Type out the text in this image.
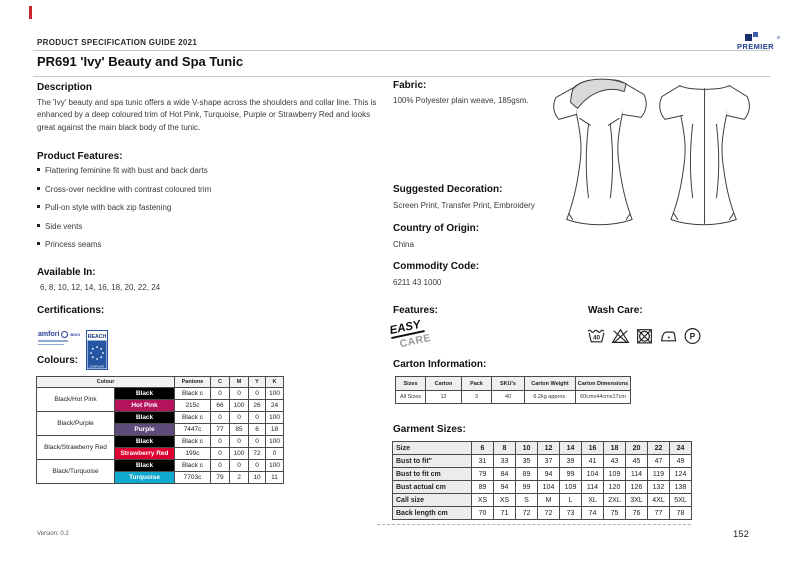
PRODUCT SPECIFICATION GUIDE 2021	PREMIER
PR691 'Ivy' Beauty and Spa Tunic
Description
The 'Ivy' beauty and spa tunic offers a wide V-shape across the shoulders and collar line. This is enhanced by a deep coloured trim of Hot Pink, Turquoise, Purple or Strawberry Red and looks great against the main black body of the tunic.
Product Features:
Flattering feminine fit with bust and back darts
Cross-over neckline with contrast coloured trim
Pull-on style with back zip fastening
Side vents
Princess seams
Available In:
6, 8, 10, 12, 14, 16, 18, 20, 22, 24
Certifications:
amfori	BSCI REACH
COMPLIANT
Colours:
Colour		Pantone	C	M	Y	K
Black/Hot Pink	Black	Black c	0	0	0	100
	Hot Pink	215c	66	100	26	24
Black/Purple	Black	Black c	0	0	0	100
	Purple	7447c	77	85	6	18
Black/Strawberry Red	Black	Black c	0	0	0	100
	Strawberry Red	199c	0	100	72	0
Black/Turquoise	Black	Black c	0	0	0	100
	Turquoise	7703c	79	2	10	11
Fabric:
100% Polyester plain weave, 185gsm.
Suggested Decoration:
Screen Print, Transfer Print, Embroidery
Country of Origin:
China
Commodity Code:
6211 43 1000
Features:
EASY
CARE
Wash Care:
40	P
Carton Information:
Sizes	Carton	Pack	SKU's	Carton Weight	Carton Dimensions
All Sizes	12	3	40	6.2kg approx.	60cmx44cmx17cm
Garment Sizes:
Size	6	8	10	12	14	16	18	20	22	24
Bust to fit"	31	33	35	37	39	41	43	45	47	49
Bust to fit cm	79	84	89	94	99	104	109	114	119	124
Bust actual cm	89	94	99	104	109	114	120	126	132	138
Call size	XS	XS	S	M	L	XL	2XL	3XL	4XL	5XL
Back length cm	70	71	72	72	73	74	75	76	77	78
Version: 0.2	152
